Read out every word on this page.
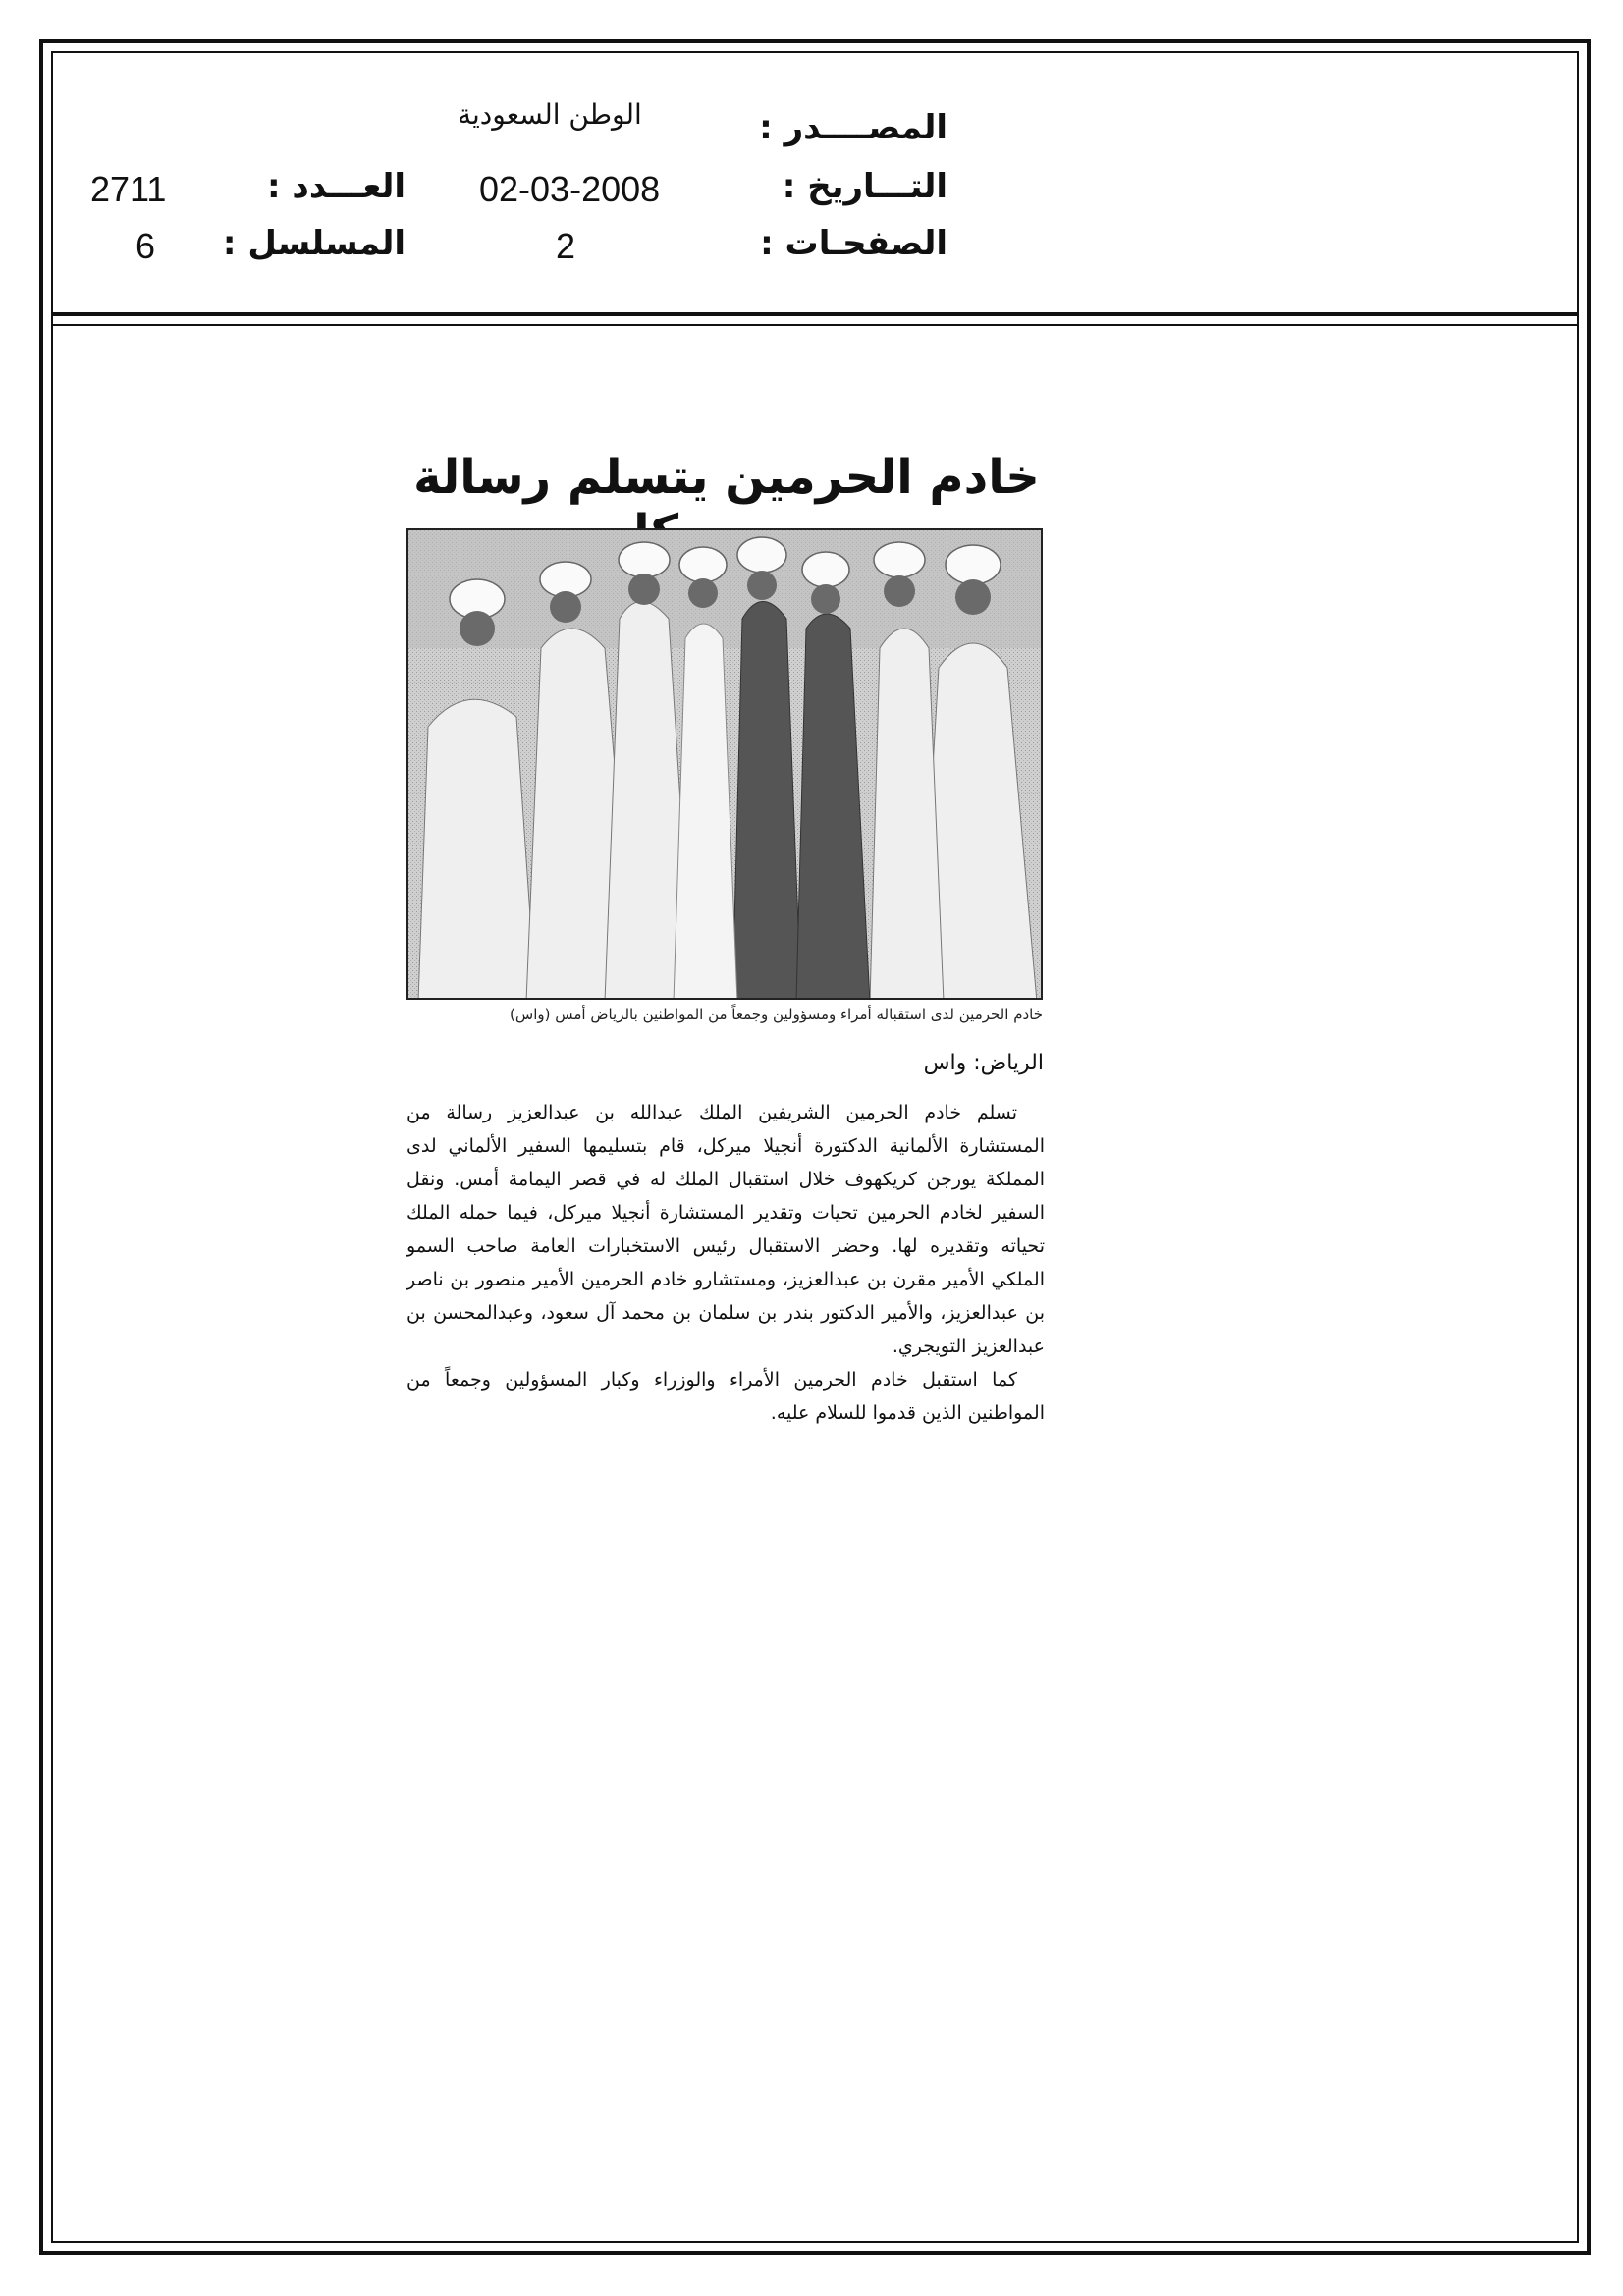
المصــــدر :
الوطن السعودية
التـــاريخ :
02-03-2008
العـــدد :
2711
الصفحـات :
2
المسلسل :
6
خادم الحرمين يتسلم رسالة
خادم الحرمين لدى استقباله أمراء ومسؤولين وجمعاً من المواطنين بالرياض أمس (واس)
الرياض: واس

تسلم خادم الحرمين الشريفين الملك عبدالله بن عبدالعزيز رسالة من المستشارة الألمانية الدكتورة أنجيلا ميركل، قام بتسليمها السفير الألماني لدى المملكة يورجن كريكهوف خلال استقبال الملك له في قصر اليمامة أمس. ونقل السفير لخادم الحرمين تحيات وتقدير المستشارة أنجيلا ميركل، فيما حمله الملك تحياته وتقديره لها. وحضر الاستقبال رئيس الاستخبارات العامة صاحب السمو الملكي الأمير مقرن بن عبدالعزيز، ومستشارو خادم الحرمين الأمير منصور بن ناصر بن عبدالعزيز، والأمير الدكتور بندر بن سلمان بن محمد آل سعود، وعبدالمحسن بن عبدالعزيز التويجري.

كما استقبل خادم الحرمين الأمراء والوزراء وكبار المسؤولين وجمعاً من المواطنين الذين قدموا للسلام عليه.
